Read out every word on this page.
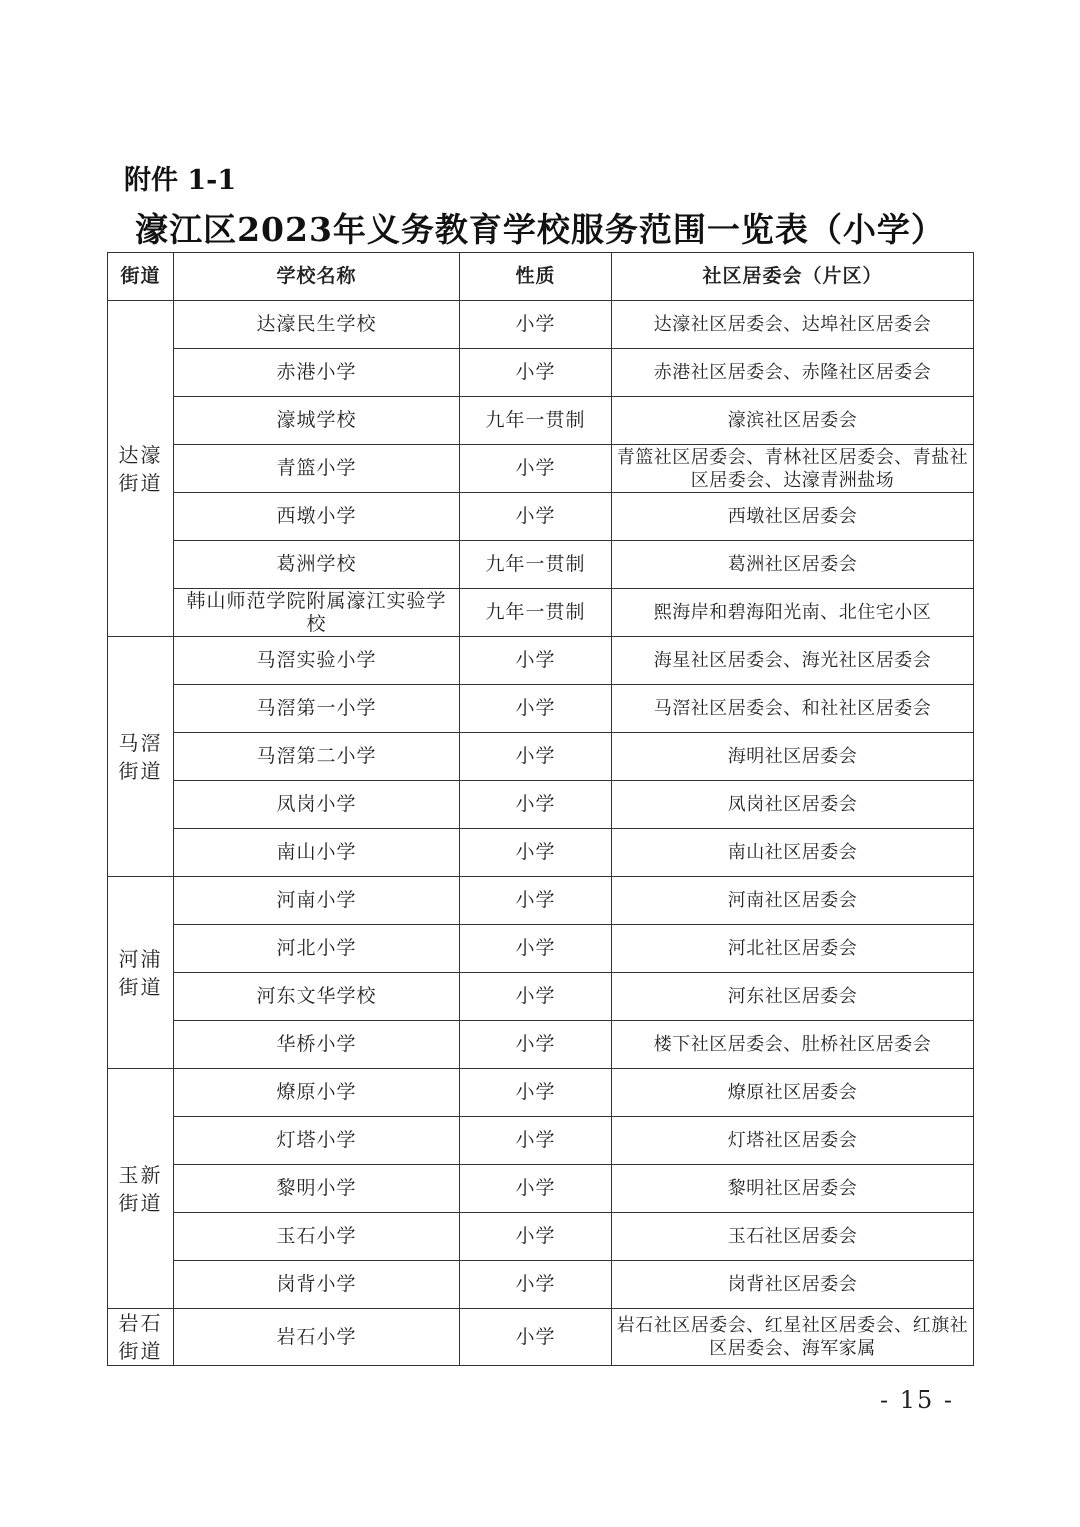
附件 1-1
濠江区2023年义务教育学校服务范围一览表（小学）
街道	学校名称	性质	社区居委会（片区）
达濠街道	达濠民生学校	小学	达濠社区居委会、达埠社区居委会
	赤港小学	小学	赤港社区居委会、赤隆社区居委会
	濠城学校	九年一贯制	濠滨社区居委会
	青篮小学	小学	青篮社区居委会、青林社区居委会、青盐社区居委会、达濠青洲盐场
	西墩小学	小学	西墩社区居委会
	葛洲学校	九年一贯制	葛洲社区居委会
	韩山师范学院附属濠江实验学校	九年一贯制	熙海岸和碧海阳光南、北住宅小区
马滘街道	马滘实验小学	小学	海星社区居委会、海光社区居委会
	马滘第一小学	小学	马滘社区居委会、和社社区居委会
	马滘第二小学	小学	海明社区居委会
	凤岗小学	小学	凤岗社区居委会
	南山小学	小学	南山社区居委会
河浦街道	河南小学	小学	河南社区居委会
	河北小学	小学	河北社区居委会
	河东文华学校	小学	河东社区居委会
	华桥小学	小学	楼下社区居委会、肚桥社区居委会
玉新街道	燎原小学	小学	燎原社区居委会
	灯塔小学	小学	灯塔社区居委会
	黎明小学	小学	黎明社区居委会
	玉石小学	小学	玉石社区居委会
	岗背小学	小学	岗背社区居委会
岩石街道	岩石小学	小学	岩石社区居委会、红星社区居委会、红旗社区居委会、海军家属
- 15 -
